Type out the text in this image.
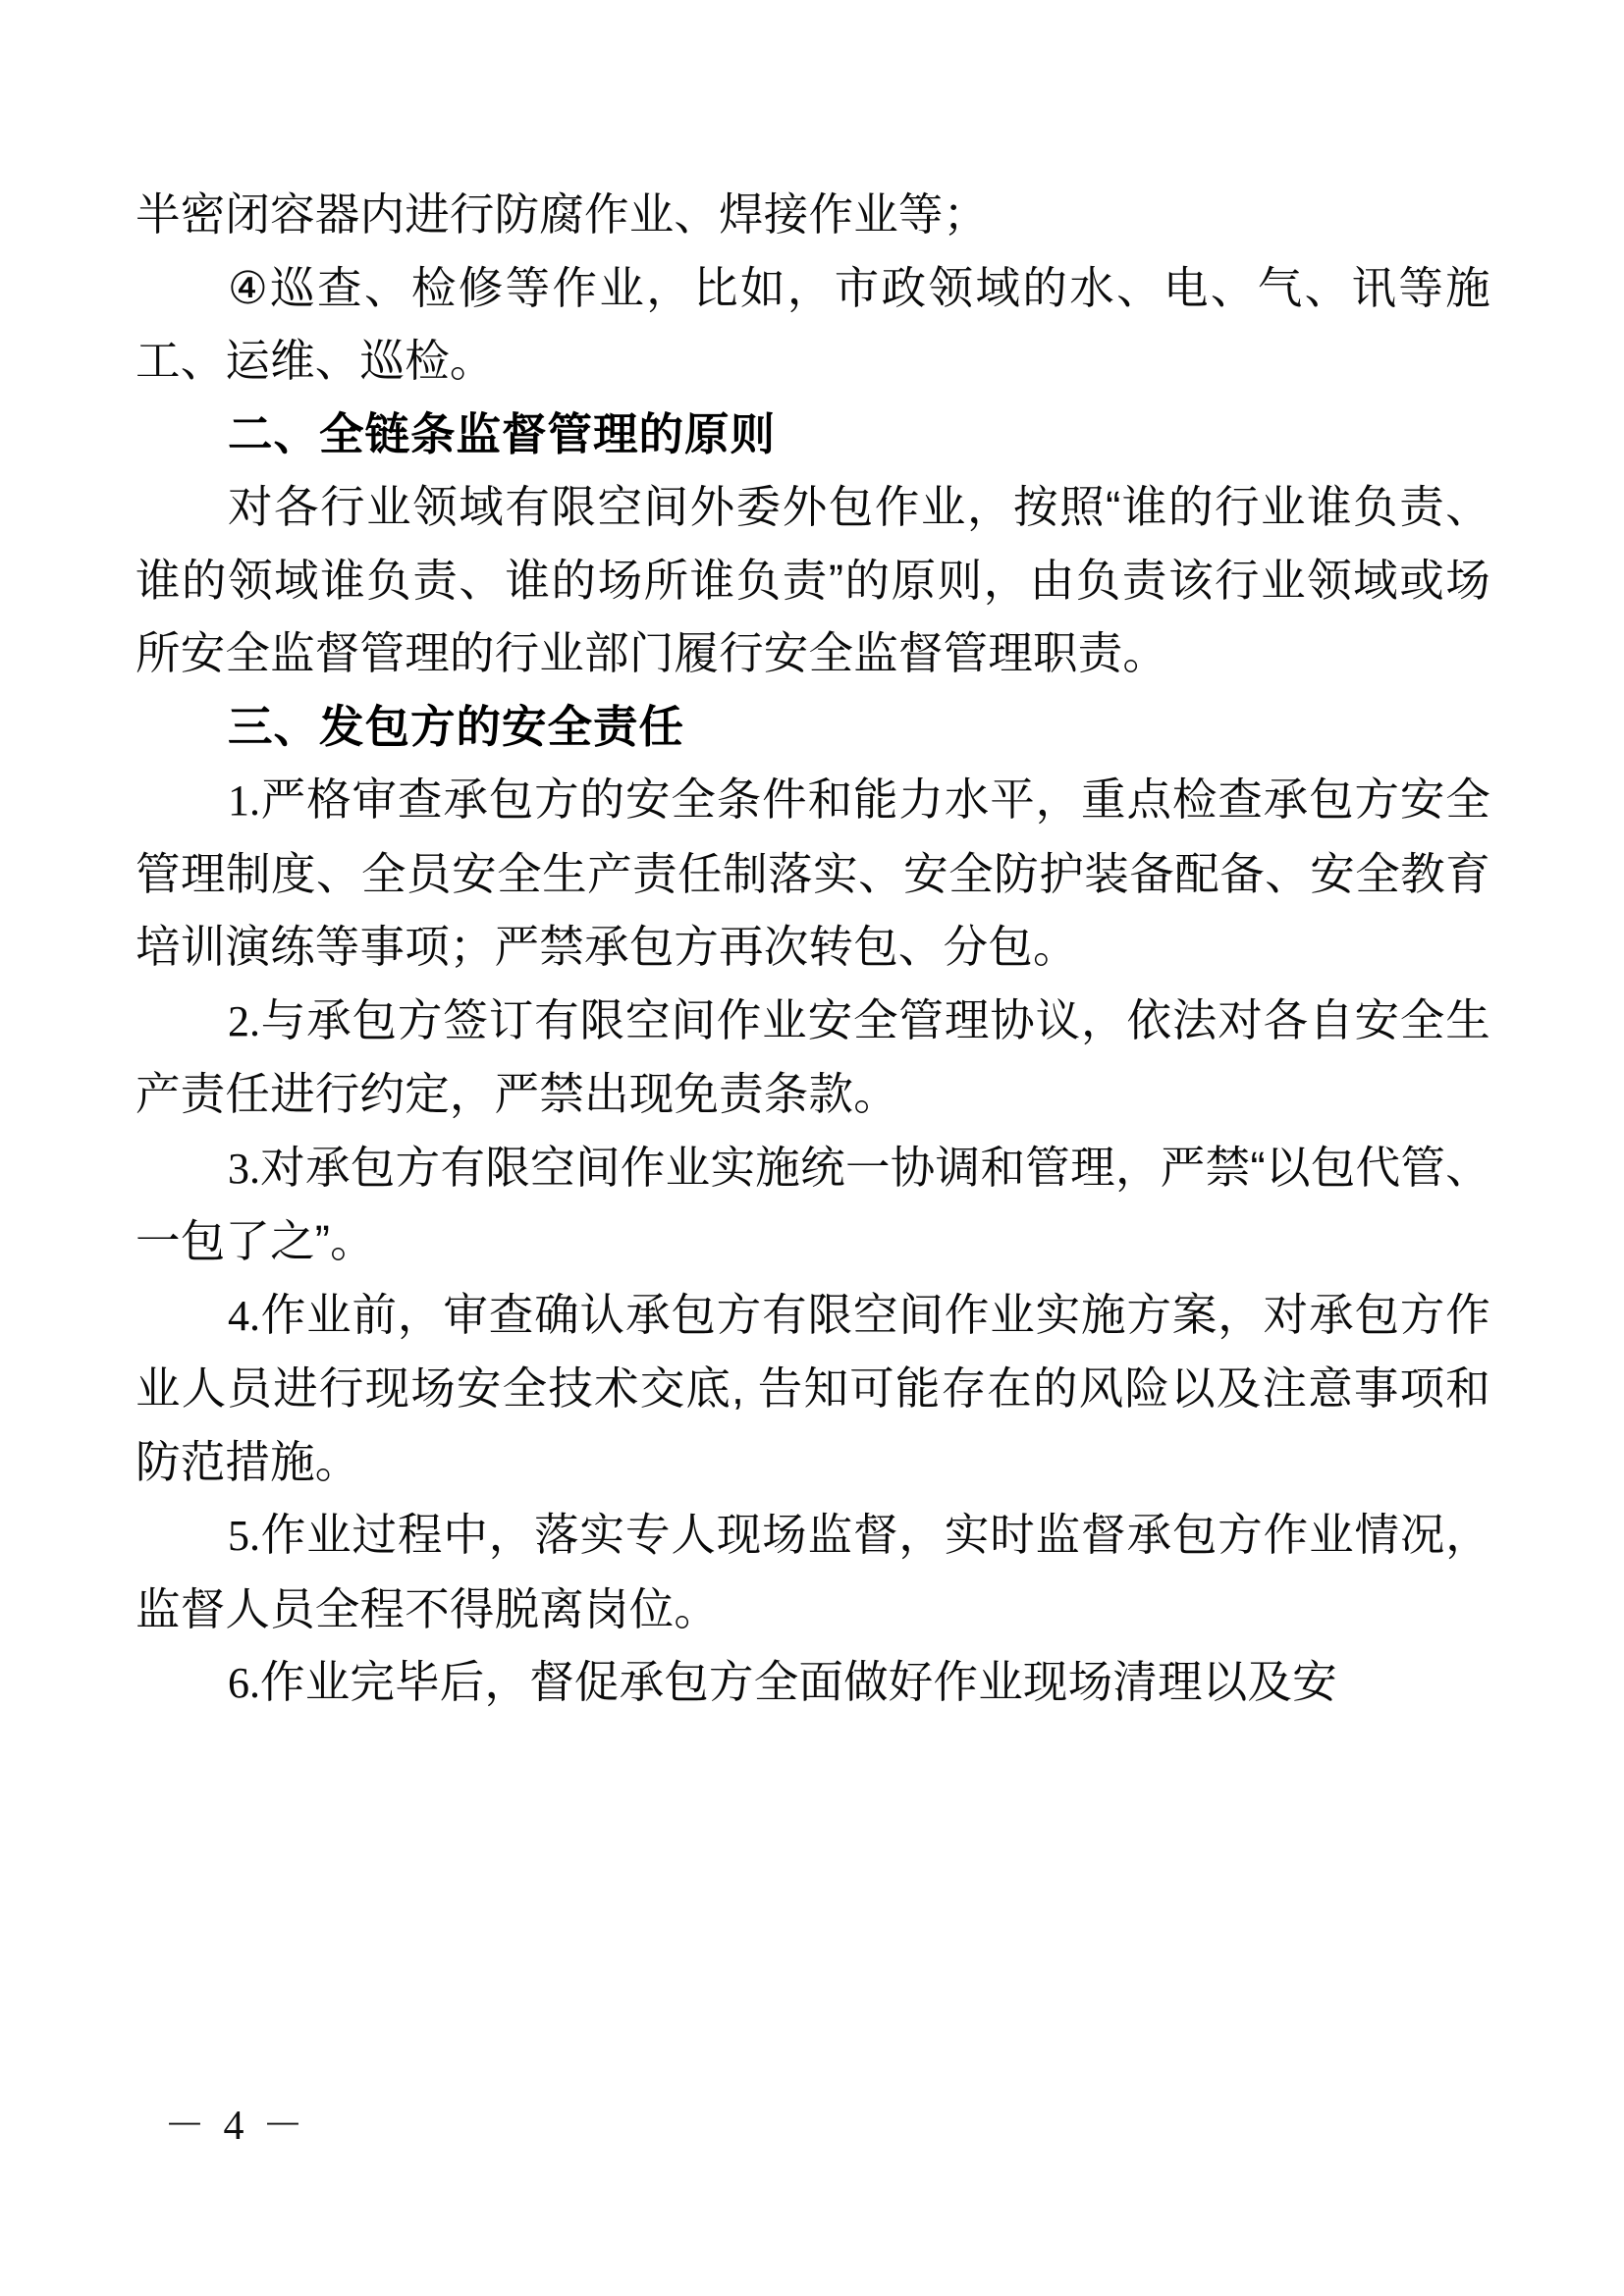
半密闭容器内进行防腐作业、焊接作业等；

④巡查、检修等作业，比如，市政领域的水、电、气、讯等施工、运维、巡检。

二、全链条监督管理的原则

对各行业领域有限空间外委外包作业，按照“谁的行业谁负责、谁的领域谁负责、谁的场所谁负责”的原则，由负责该行业领域或场所安全监督管理的行业部门履行安全监督管理职责。

三、发包方的安全责任

1.严格审查承包方的安全条件和能力水平，重点检查承包方安全管理制度、全员安全生产责任制落实、安全防护装备配备、安全教育培训演练等事项；严禁承包方再次转包、分包。

2.与承包方签订有限空间作业安全管理协议，依法对各自安全生产责任进行约定，严禁出现免责条款。

3.对承包方有限空间作业实施统一协调和管理，严禁“以包代管、一包了之”。

4.作业前，审查确认承包方有限空间作业实施方案，对承包方作业人员进行现场安全技术交底, 告知可能存在的风险以及注意事项和防范措施。

5.作业过程中，落实专人现场监督，实时监督承包方作业情况，监督人员全程不得脱离岗位。

6.作业完毕后，督促承包方全面做好作业现场清理以及安

－ 4 －
